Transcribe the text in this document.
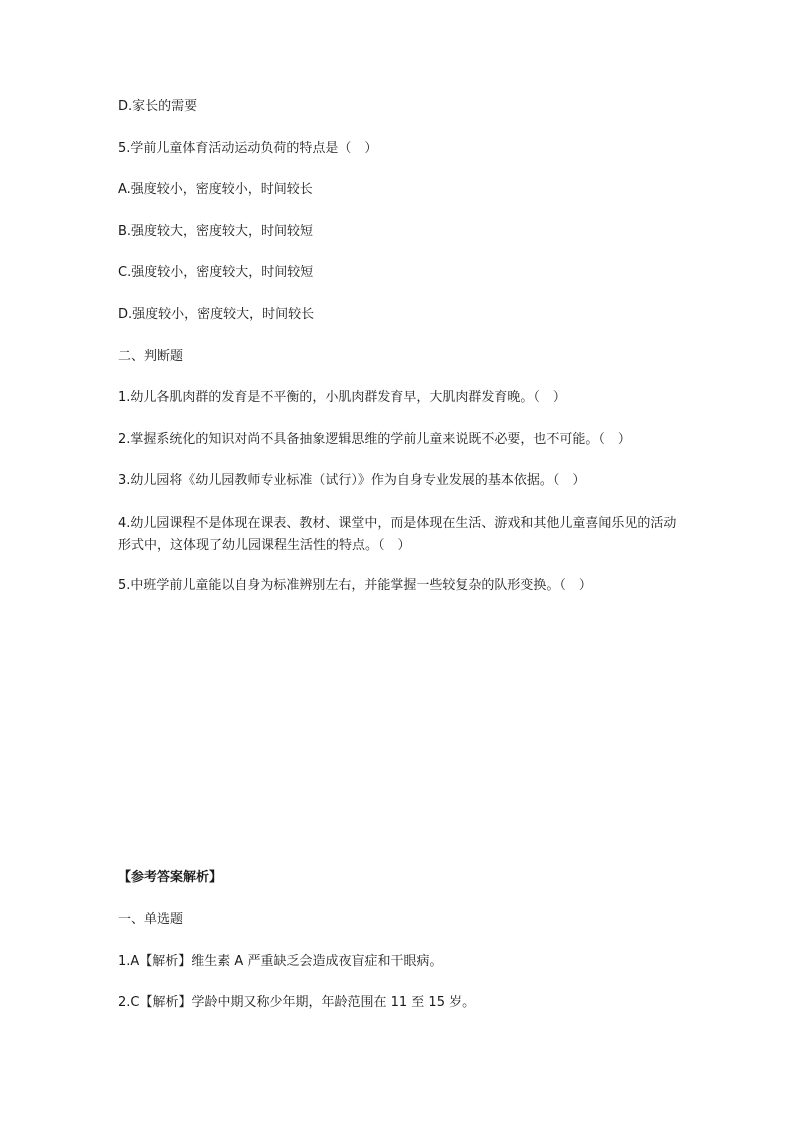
D.家长的需要

5.学前儿童体育活动运动负荷的特点是（　）

A.强度较小，密度较小，时间较长

B.强度较大，密度较大，时间较短

C.强度较小，密度较大，时间较短

D.强度较小，密度较大，时间较长

二、判断题

1.幼儿各肌肉群的发育是不平衡的，小肌肉群发育早，大肌肉群发育晚。（　）

2.掌握系统化的知识对尚不具备抽象逻辑思维的学前儿童来说既不必要，也不可能。（　）

3.幼儿园将《幼儿园教师专业标准（试行）》作为自身专业发展的基本依据。（　）

4.幼儿园课程不是体现在课表、教材、课堂中，而是体现在生活、游戏和其他儿童喜闻乐见的活动形式中，这体现了幼儿园课程生活性的特点。（　）

5.中班学前儿童能以自身为标准辨别左右，并能掌握一些较复杂的队形变换。（　）

【参考答案解析】

一、单选题

1.A【解析】维生素 A 严重缺乏会造成夜盲症和干眼病。

2.C【解析】学龄中期又称少年期，年龄范围在 11 至 15 岁。
